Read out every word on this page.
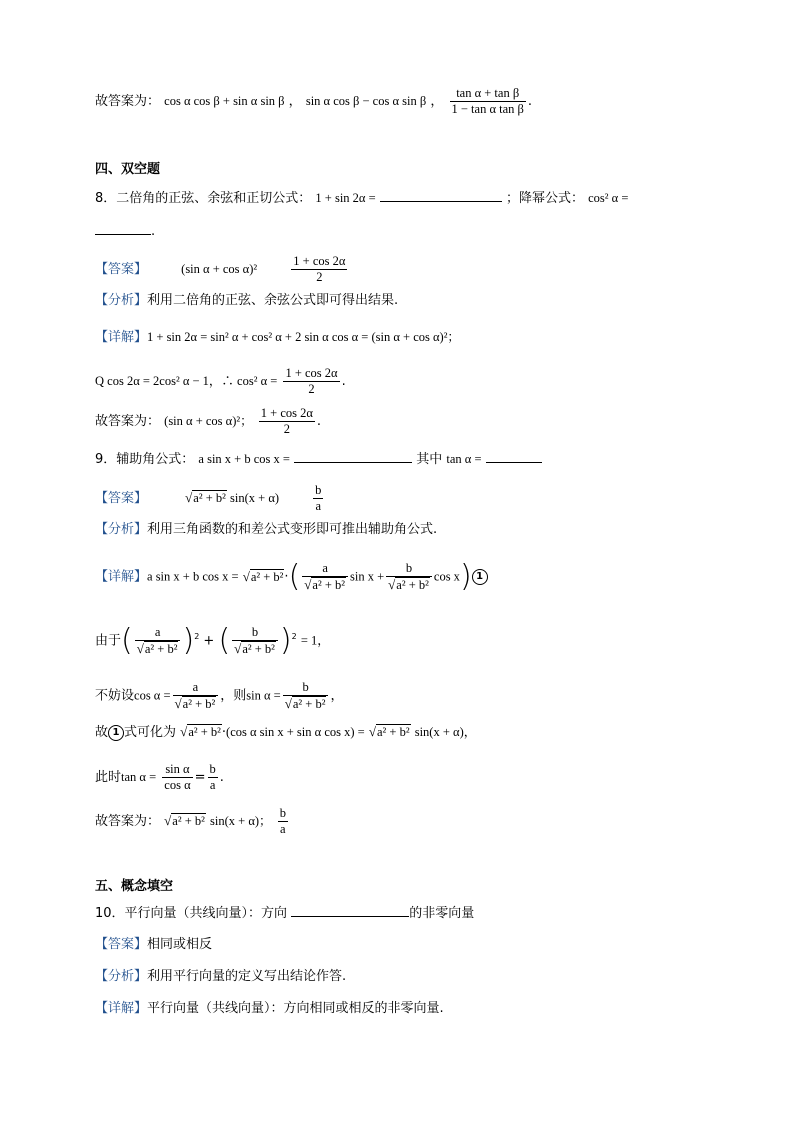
故答案为： cos α cos β + sin α sin β ， sin α cos β − cos α sin β ， $\frac{\text{tan α + tan β}}{\text{1 − tan α tan β}}$ .
四、双空题
8．二倍角的正弦、余弦和正切公式： 1 + sin 2α =	；降幂公式： cos² α =
.
【答案】	(sin α + cos α)²	$\frac{1 + \cos 2\alpha}{2}$
【分析】利用二倍角的正弦、余弦公式即可得出结果.
【详解】1 + sin 2α = sin² α + cos² α + 2 sin α cos α = (sin α + cos α)²；
Q cos 2α = 2cos² α − 1，∴ cos² $\alpha = \frac{1 + \cos 2\alpha}{2}$ .
故答案为： (sin α + cos α)²； $\frac{1 + \cos 2\alpha}{2}$ .
9．辅助角公式： a sin x + b cos x =	其中 tan α =
【答案】	√a² + b² sin(x + α)	$\frac{b}{a}$
【分析】利用三角函数的和差公式变形即可推出辅助角公式.
【详解】a sin x + b $\cos x = √a^2 + b^2\cdot( \frac{a}{\text{√a² + b²}}$ $\sin x + \frac{b}{\text{√a² + b²}}$ cos x) 1
由于( $\frac{a}{\text{√a² + b²}} )^2$ + ( $\frac{b}{\text{√a² + b²}} )^2 = 1$，
不妨设$\cos \alpha = \frac{a}{\text{√a² + b²}}$ ，则$\sin \alpha = \frac{b}{\text{√a² + b²}}$ ，
故 1 式可化为 √a² + b²·(cos α sin x + sin α cos x) = √a² + b² sin(x + α)，
此时$\tan \alpha = \frac{\text{sin α}}{\text{cos α}} = \frac{b}{a}$ .
故答案为： √a² + b² sin(x + α)； $\frac{b}{a}$
五、概念填空
10．平行向量（共线向量）：方向	的非零向量
【答案】相同或相反
【分析】利用平行向量的定义写出结论作答.
【详解】平行向量（共线向量）：方向相同或相反的非零向量.
